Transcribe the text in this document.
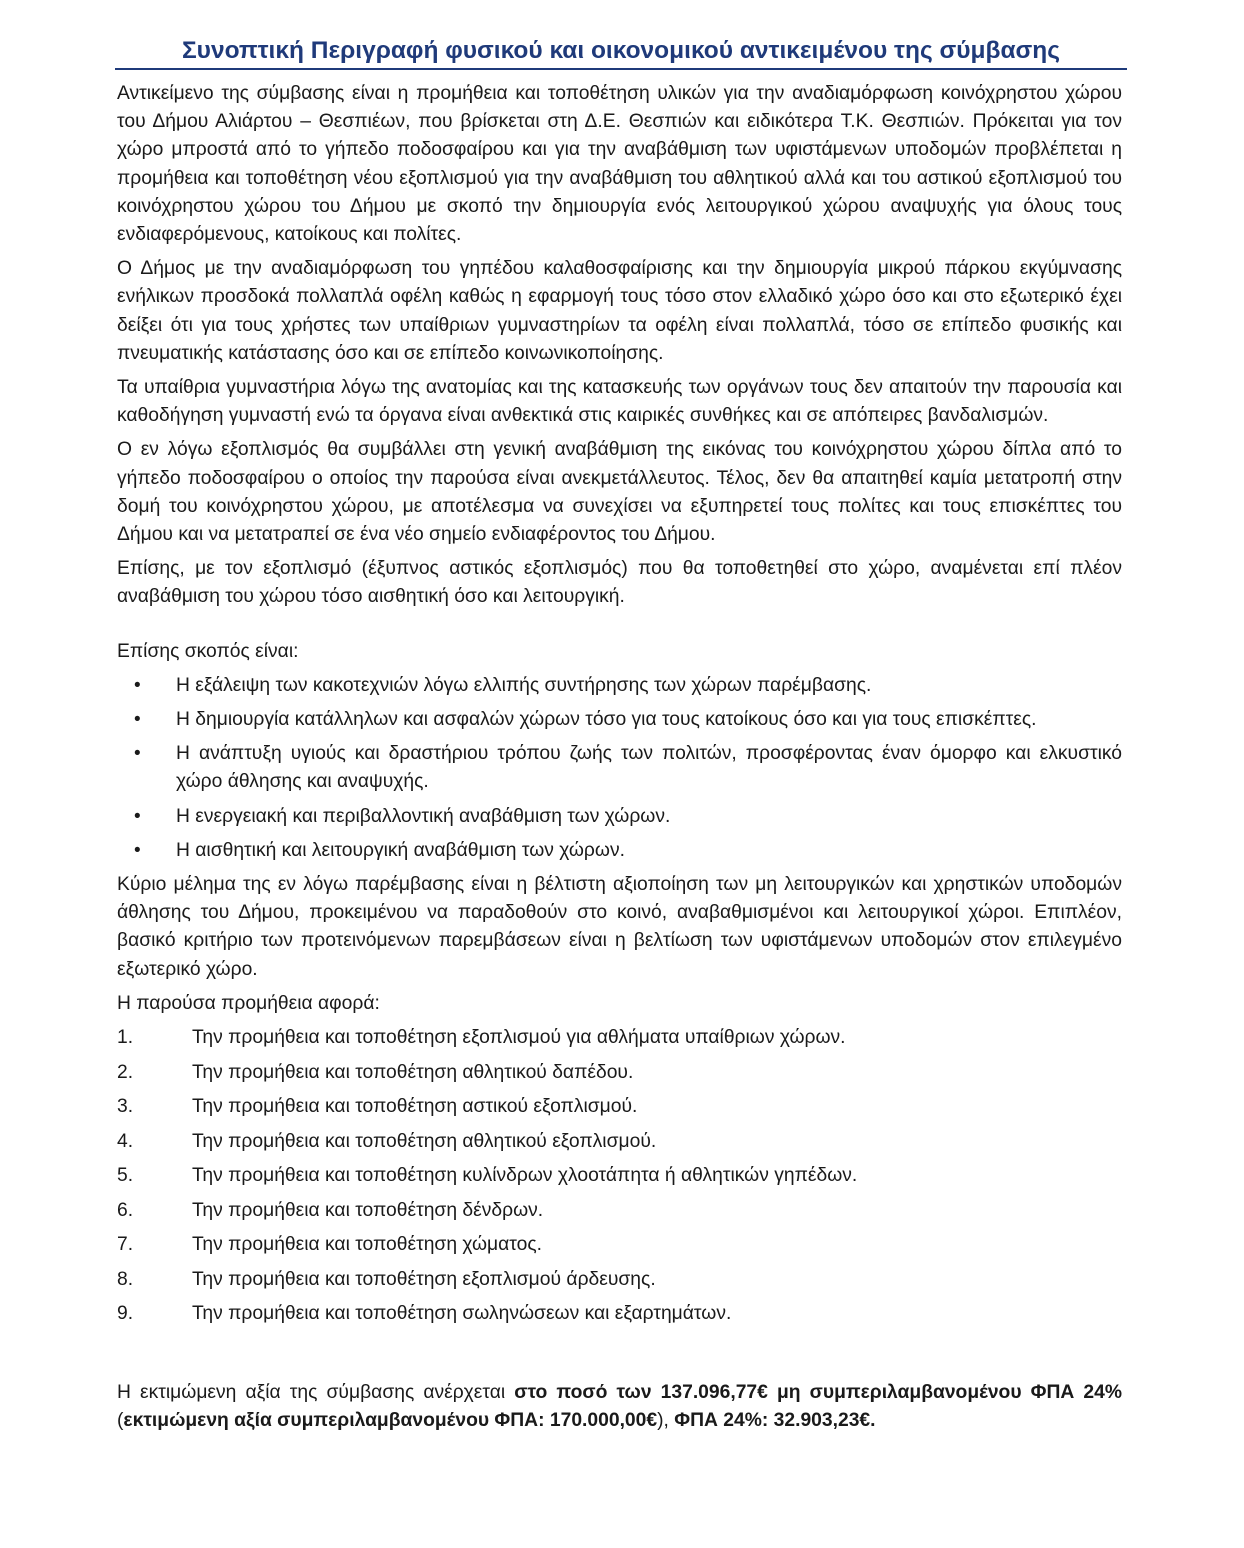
Συνοπτική Περιγραφή φυσικού και οικονομικού αντικειμένου της σύμβασης

Αντικείμενο της σύμβασης είναι η προμήθεια και τοποθέτηση υλικών για την αναδιαμόρφωση κοινόχρηστου χώρου του Δήμου Αλιάρτου – Θεσπιέων, που βρίσκεται στη Δ.Ε. Θεσπιών και ειδικότερα Τ.Κ. Θεσπιών. Πρόκειται για τον χώρο μπροστά από το γήπεδο ποδοσφαίρου και για την αναβάθμιση των υφιστάμενων υποδομών προβλέπεται η προμήθεια και τοποθέτηση νέου εξοπλισμού για την αναβάθμιση του αθλητικού αλλά και του αστικού εξοπλισμού του κοινόχρηστου χώρου του Δήμου με σκοπό την δημιουργία ενός λειτουργικού χώρου αναψυχής για όλους τους ενδιαφερόμενους, κατοίκους και πολίτες.

Ο Δήμος με την αναδιαμόρφωση του γηπέδου καλαθοσφαίρισης και την δημιουργία μικρού πάρκου εκγύμνασης ενήλικων προσδοκά πολλαπλά οφέλη καθώς η εφαρμογή τους τόσο στον ελλαδικό χώρο όσο και στο εξωτερικό έχει δείξει ότι για τους χρήστες των υπαίθριων γυμναστηρίων τα οφέλη είναι πολλαπλά, τόσο σε επίπεδο φυσικής και πνευματικής κατάστασης όσο και σε επίπεδο κοινωνικοποίησης.

Τα υπαίθρια γυμναστήρια λόγω της ανατομίας και της κατασκευής των οργάνων τους δεν απαιτούν την παρουσία και καθοδήγηση γυμναστή ενώ τα όργανα είναι ανθεκτικά στις καιρικές συνθήκες και σε απόπειρες βανδαλισμών.

Ο εν λόγω εξοπλισμός θα συμβάλλει στη γενική αναβάθμιση της εικόνας του κοινόχρηστου χώρου δίπλα από το γήπεδο ποδοσφαίρου ο οποίος την παρούσα είναι ανεκμετάλλευτος. Τέλος, δεν θα απαιτηθεί καμία μετατροπή στην δομή του κοινόχρηστου χώρου, με αποτέλεσμα να συνεχίσει να εξυπηρετεί τους πολίτες και τους επισκέπτες του Δήμου και να μετατραπεί σε ένα νέο σημείο ενδιαφέροντος του Δήμου.

Επίσης, με τον εξοπλισμό (έξυπνος αστικός εξοπλισμός) που θα τοποθετηθεί στο χώρο, αναμένεται επί πλέον αναβάθμιση του χώρου τόσο αισθητική όσο και λειτουργική.

Επίσης σκοπός είναι:

• Η εξάλειψη των κακοτεχνιών λόγω ελλιπής συντήρησης των χώρων παρέμβασης.
• Η δημιουργία κατάλληλων και ασφαλών χώρων τόσο για τους κατοίκους όσο και για τους επισκέπτες.
• Η ανάπτυξη υγιούς και δραστήριου τρόπου ζωής των πολιτών, προσφέροντας έναν όμορφο και ελκυστικό χώρο άθλησης και αναψυχής.
• Η ενεργειακή και περιβαλλοντική αναβάθμιση των χώρων.
• Η αισθητική και λειτουργική αναβάθμιση των χώρων.

Κύριο μέλημα της εν λόγω παρέμβασης είναι η βέλτιστη αξιοποίηση των μη λειτουργικών και χρηστικών υποδομών άθλησης του Δήμου, προκειμένου να παραδοθούν στο κοινό, αναβαθμισμένοι και λειτουργικοί χώροι. Επιπλέον, βασικό κριτήριο των προτεινόμενων παρεμβάσεων είναι η βελτίωση των υφιστάμενων υποδομών στον επιλεγμένο εξωτερικό χώρο.

Η παρούσα προμήθεια αφορά:

1.	Την προμήθεια και τοποθέτηση εξοπλισμού για αθλήματα υπαίθριων χώρων.
2.	Την προμήθεια και τοποθέτηση αθλητικού δαπέδου.
3.	Την προμήθεια και τοποθέτηση αστικού εξοπλισμού.
4.	Την προμήθεια και τοποθέτηση αθλητικού εξοπλισμού.
5.	Την προμήθεια και τοποθέτηση κυλίνδρων χλοοτάπητα ή αθλητικών γηπέδων.
6.	Την προμήθεια και τοποθέτηση δένδρων.
7.	Την προμήθεια και τοποθέτηση χώματος.
8.	Την προμήθεια και τοποθέτηση εξοπλισμού άρδευσης.
9.	Την προμήθεια και τοποθέτηση σωληνώσεων και εξαρτημάτων.

Η εκτιμώμενη αξία της σύμβασης ανέρχεται στο ποσό των 137.096,77€ μη συμπεριλαμβανομένου ΦΠΑ 24% (εκτιμώμενη αξία συμπεριλαμβανομένου ΦΠΑ: 170.000,00€), ΦΠΑ 24%: 32.903,23€.
